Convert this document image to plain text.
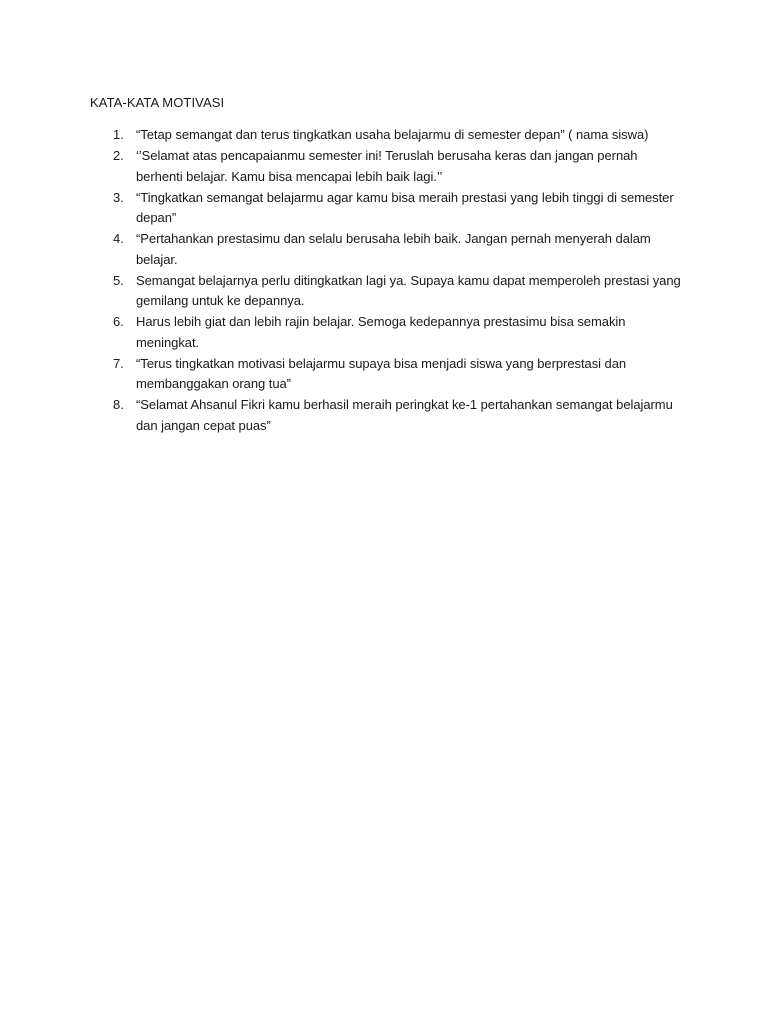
KATA-KATA MOTIVASI
1. “Tetap semangat dan terus tingkatkan usaha belajarmu di semester depan” ( nama siswa)
2. ‘’Selamat atas pencapaianmu semester ini! Teruslah berusaha keras dan jangan pernah berhenti belajar. Kamu bisa mencapai lebih baik lagi.’’
3. “Tingkatkan semangat belajarmu agar kamu bisa meraih prestasi yang lebih tinggi di semester depan”
4. “Pertahankan prestasimu dan selalu berusaha lebih baik. Jangan pernah menyerah dalam belajar.
5. Semangat belajarnya perlu ditingkatkan lagi ya. Supaya kamu dapat memperoleh prestasi yang gemilang untuk ke depannya.
6. Harus lebih giat dan lebih rajin belajar. Semoga kedepannya prestasimu bisa semakin meningkat.
7. “Terus tingkatkan motivasi belajarmu supaya bisa menjadi siswa yang berprestasi dan membanggakan orang tua”
8. “Selamat Ahsanul Fikri kamu berhasil meraih peringkat ke-1 pertahankan semangat belajarmu dan jangan cepat puas”
